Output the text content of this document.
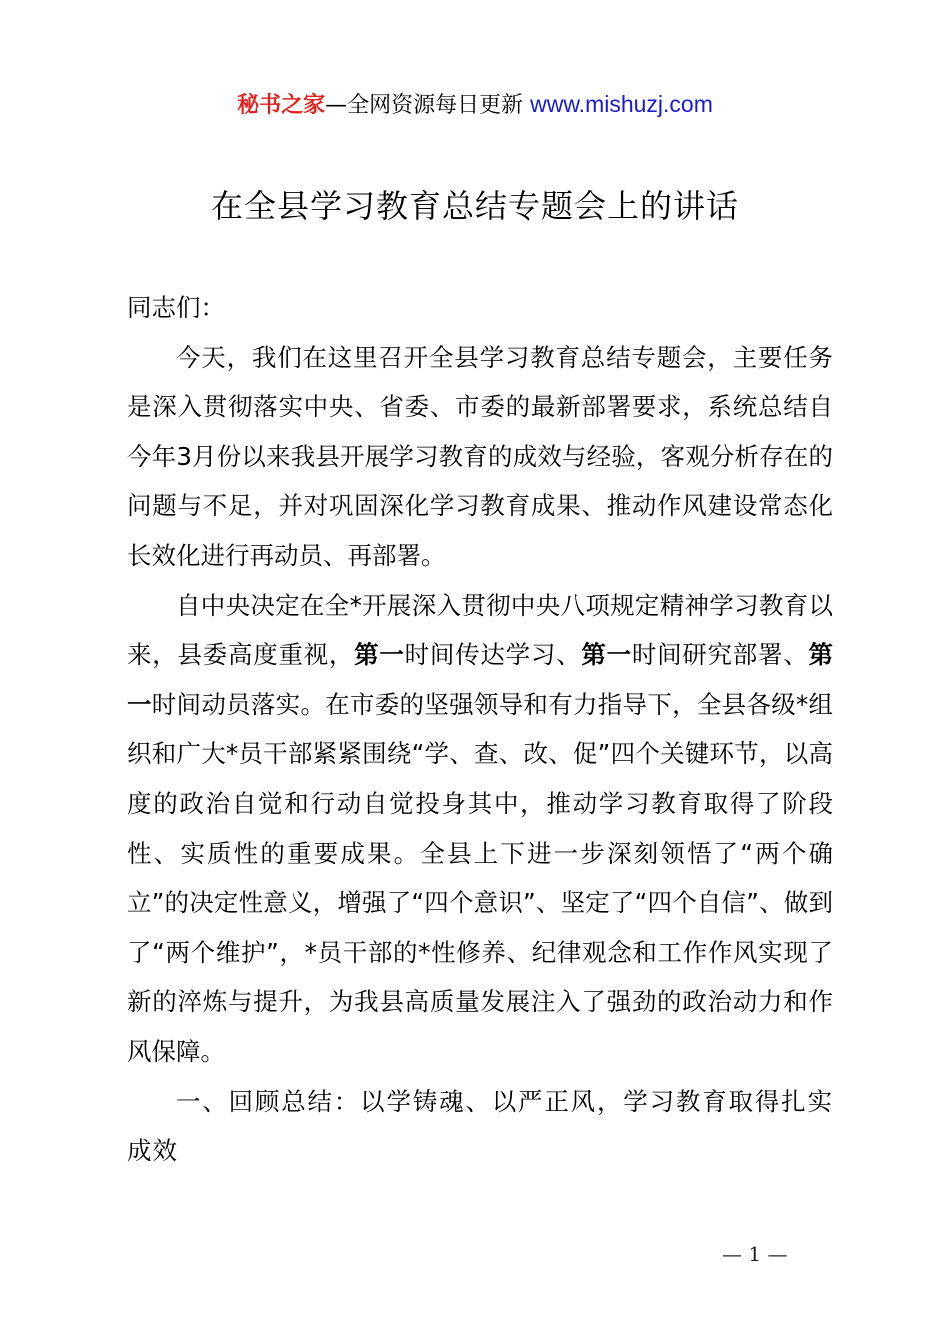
秘书之家—全网资源每日更新 www.mishuzj.com
在全县学习教育总结专题会上的讲话

同志们：

今天，我们在这里召开全县学习教育总结专题会，主要任务是深入贯彻落实中央、省委、市委的最新部署要求，系统总结自今年3月份以来我县开展学习教育的成效与经验，客观分析存在的问题与不足，并对巩固深化学习教育成果、推动作风建设常态化长效化进行再动员、再部署。

自中央决定在全*开展深入贯彻中央八项规定精神学习教育以来，县委高度重视，第一时间传达学习、第一时间研究部署、第一时间动员落实。在市委的坚强领导和有力指导下，全县各级*组织和广大*员干部紧紧围绕“学、查、改、促”四个关键环节，以高度的政治自觉和行动自觉投身其中，推动学习教育取得了阶段性、实质性的重要成果。全县上下进一步深刻领悟了“两个确立”的决定性意义，增强了“四个意识”、坚定了“四个自信”、做到了“两个维护”，*员干部的*性修养、纪律观念和工作作风实现了新的淬炼与提升，为我县高质量发展注入了强劲的政治动力和作风保障。

一、回顾总结：以学铸魂、以严正风，学习教育取得扎实成效

— 1 —
